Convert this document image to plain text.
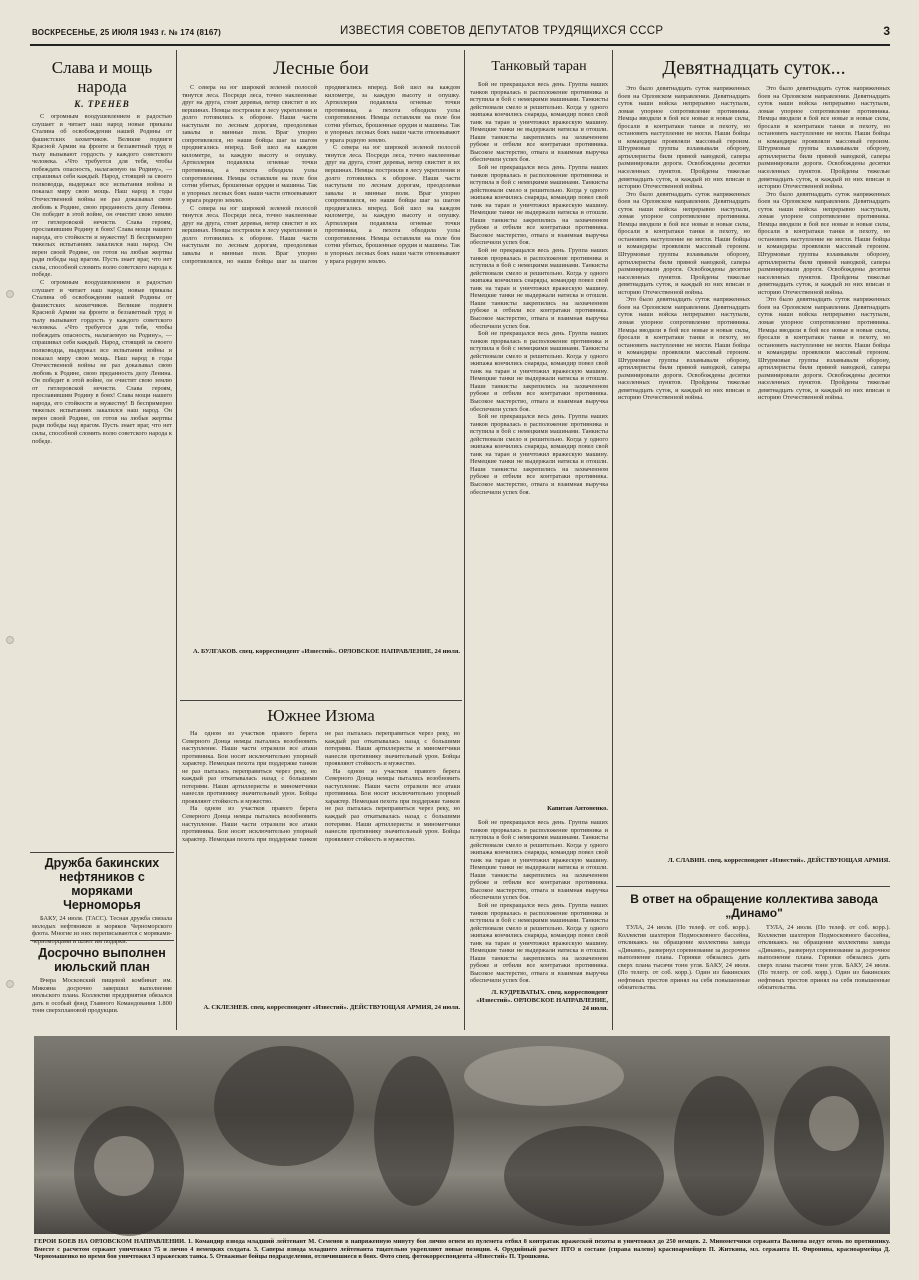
ВОСКРЕСЕНЬЕ, 25 ИЮЛЯ 1943 г. № 174 (8167)	ИЗВЕСТИЯ СОВЕТОВ ДЕПУТАТОВ ТРУДЯЩИХСЯ СССР	3
Слава и мощь народа
К. ТРЕНЕВ

С огромным воодушевлением и радостью слушает и читает наш народ новые приказы Сталина об освобождении нашей Родины от фашистских захватчиков. Великие подвиги Красной Армии на фронте и беззаветный труд в тылу вызывают гордость у каждого советского человека. «Что требуется для тебя, чтобы побеждать опасность, налагаемую на Родину», — спрашивал себя каждый. Народ, стоящий за своего полководца, выдержал все испытания войны и показал миру свою мощь. Наш народ в годы Отечественной войны не раз доказывал свою любовь к Родине, свою преданность делу Ленина. Он победит в этой войне, он очистит свою землю от гитлеровской нечисти. Слава героям, прославившим Родину в боях! Слава мощи нашего народа, его стойкости и мужеству! В беспримерно тяжелых испытаниях закалился наш народ. Он верен своей Родине, он готов на любые жертвы ради победы над врагом. Пусть знает враг, что нет силы, способной сломить волю советского народа к победе.

С огромным воодушевлением и радостью слушает и читает наш народ новые приказы Сталина об освобождении нашей Родины от фашистских захватчиков. Великие подвиги Красной Армии на фронте и беззаветный труд в тылу вызывают гордость у каждого советского человека. «Что требуется для тебя, чтобы побеждать опасность, налагаемую на Родину», — спрашивал себя каждый. Народ, стоящий за своего полководца, выдержал все испытания войны и показал миру свою мощь. Наш народ в годы Отечественной войны не раз доказывал свою любовь к Родине, свою преданность делу Ленина. Он победит в этой войне, он очистит свою землю от гитлеровской нечисти. Слава героям, прославившим Родину в боях! Слава мощи нашего народа, его стойкости и мужеству! В беспримерно тяжелых испытаниях закалился наш народ. Он верен своей Родине, он готов на любые жертвы ради победы над врагом. Пусть знает враг, что нет силы, способной сломить волю советского народа к победе.

Дружба бакинских нефтяников с моряками Черноморья

БАКУ, 24 июля. (ТАСС). Тесная дружба связала молодых нефтяников и моряков Черноморского флота. Многие из них переписываются с моряками-черноморцами и шлют им подарки.

Досрочно выполнен июльский план

Вчера Московский пищевой комбинат им. Микояна досрочно завершил выполнение июльского плана. Коллектив предприятия обязался дать в особый фонд Главного Командования 1.800 тонн сверхплановой продукции.

Лесные бои

С севера на юг широкой зеленой полосой тянутся леса. Посреди леса, точно наклеенные друг на друга, стоят деревья, ветер свистит в их вершинах. Немцы построили в лесу укрепления и долго готовились к обороне. Наши части наступали по лесным дорогам, преодолевая завалы и минные поля. Враг упорно сопротивлялся, но наши бойцы шаг за шагом продвигались вперед. Бой шел на каждом километре, за каждую высоту и опушку. Артиллерия подавляла огневые точки противника, а пехота обходила узлы сопротивления. Немцы оставляли на поле боя сотни убитых, брошенные орудия и машины. Так в упорных лесных боях наши части отвоевывают у врага родную землю.

С севера на юг широкой зеленой полосой тянутся леса. Посреди леса, точно наклеенные друг на друга, стоят деревья, ветер свистит в их вершинах. Немцы построили в лесу укрепления и долго готовились к обороне. Наши части наступали по лесным дорогам, преодолевая завалы и минные поля. Враг упорно сопротивлялся, но наши бойцы шаг за шагом продвигались вперед. Бой шел на каждом километре, за каждую высоту и опушку. Артиллерия подавляла огневые точки противника, а пехота обходила узлы сопротивления. Немцы оставляли на поле боя сотни убитых, брошенные орудия и машины. Так в упорных лесных боях наши части отвоевывают у врага родную землю.

С севера на юг широкой зеленой полосой тянутся леса. Посреди леса, точно наклеенные друг на друга, стоят деревья, ветер свистит в их вершинах. Немцы построили в лесу укрепления и долго готовились к обороне. Наши части наступали по лесным дорогам, преодолевая завалы и минные поля. Враг упорно сопротивлялся, но наши бойцы шаг за шагом продвигались вперед. Бой шел на каждом километре, за каждую высоту и опушку. Артиллерия подавляла огневые точки противника, а пехота обходила узлы сопротивления. Немцы оставляли на поле боя сотни убитых, брошенные орудия и машины. Так в упорных лесных боях наши части отвоевывают у врага родную землю.

А. БУЛГАКОВ. спец. корреспондент «Известий». ОРЛОВСКОЕ НАПРАВЛЕНИЕ, 24 июля.
Южнее Изюма

На одном из участков правого берега Северного Донца немцы пытались возобновить наступление. Наши части отразили все атаки противника. Бои носят исключительно упорный характер. Немецкая пехота при поддержке танков не раз пыталась переправиться через реку, но каждый раз откатывалась назад с большими потерями. Наши артиллеристы и минометчики нанесли противнику значительный урон. Бойцы проявляют стойкость и мужество.

На одном из участков правого берега Северного Донца немцы пытались возобновить наступление. Наши части отразили все атаки противника. Бои носят исключительно упорный характер. Немецкая пехота при поддержке танков не раз пыталась переправиться через реку, но каждый раз откатывалась назад с большими потерями. Наши артиллеристы и минометчики нанесли противнику значительный урон. Бойцы проявляют стойкость и мужество.

На одном из участков правого берега Северного Донца немцы пытались возобновить наступление. Наши части отразили все атаки противника. Бои носят исключительно упорный характер. Немецкая пехота при поддержке танков не раз пыталась переправиться через реку, но каждый раз откатывалась назад с большими потерями. Наши артиллеристы и минометчики нанесли противнику значительный урон. Бойцы проявляют стойкость и мужество.

А. СКЛЕЗНЕВ. спец. корреспондент «Известий». ДЕЙСТВУЮЩАЯ АРМИЯ, 24 июля.
Танковый таран

Бой не прекращался весь день. Группа наших танков прорвалась в расположение противника и вступила в бой с немецкими машинами. Танкисты действовали смело и решительно. Когда у одного экипажа кончились снаряды, командир повел свой танк на таран и уничтожил вражескую машину. Немецкие танки не выдержали натиска и отошли. Наши танкисты закрепились на захваченном рубеже и отбили все контратаки противника. Высокое мастерство, отвага и взаимная выручка обеспечили успех боя.

Бой не прекращался весь день. Группа наших танков прорвалась в расположение противника и вступила в бой с немецкими машинами. Танкисты действовали смело и решительно. Когда у одного экипажа кончились снаряды, командир повел свой танк на таран и уничтожил вражескую машину. Немецкие танки не выдержали натиска и отошли. Наши танкисты закрепились на захваченном рубеже и отбили все контратаки противника. Высокое мастерство, отвага и взаимная выручка обеспечили успех боя.

Бой не прекращался весь день. Группа наших танков прорвалась в расположение противника и вступила в бой с немецкими машинами. Танкисты действовали смело и решительно. Когда у одного экипажа кончились снаряды, командир повел свой танк на таран и уничтожил вражескую машину. Немецкие танки не выдержали натиска и отошли. Наши танкисты закрепились на захваченном рубеже и отбили все контратаки противника. Высокое мастерство, отвага и взаимная выручка обеспечили успех боя.

Бой не прекращался весь день. Группа наших танков прорвалась в расположение противника и вступила в бой с немецкими машинами. Танкисты действовали смело и решительно. Когда у одного экипажа кончились снаряды, командир повел свой танк на таран и уничтожил вражескую машину. Немецкие танки не выдержали натиска и отошли. Наши танкисты закрепились на захваченном рубеже и отбили все контратаки противника. Высокое мастерство, отвага и взаимная выручка обеспечили успех боя.

Бой не прекращался весь день. Группа наших танков прорвалась в расположение противника и вступила в бой с немецкими машинами. Танкисты действовали смело и решительно. Когда у одного экипажа кончились снаряды, командир повел свой танк на таран и уничтожил вражескую машину. Немецкие танки не выдержали натиска и отошли. Наши танкисты закрепились на захваченном рубеже и отбили все контратаки противника. Высокое мастерство, отвага и взаимная выручка обеспечили успех боя.

Капитан Антоненко.

Бой не прекращался весь день. Группа наших танков прорвалась в расположение противника и вступила в бой с немецкими машинами. Танкисты действовали смело и решительно. Когда у одного экипажа кончились снаряды, командир повел свой танк на таран и уничтожил вражескую машину. Немецкие танки не выдержали натиска и отошли. Наши танкисты закрепились на захваченном рубеже и отбили все контратаки противника. Высокое мастерство, отвага и взаимная выручка обеспечили успех боя.

Бой не прекращался весь день. Группа наших танков прорвалась в расположение противника и вступила в бой с немецкими машинами. Танкисты действовали смело и решительно. Когда у одного экипажа кончились снаряды, командир повел свой танк на таран и уничтожил вражескую машину. Немецкие танки не выдержали натиска и отошли. Наши танкисты закрепились на захваченном рубеже и отбили все контратаки противника. Высокое мастерство, отвага и взаимная выручка обеспечили успех боя.

Л. КУДРЕВАТЫХ. спец. корреспондент «Известий». ОРЛОВСКОЕ НАПРАВЛЕНИЕ, 24 июля.
Девятнадцать суток...

Это было девятнадцать суток напряженных боев на Орловском направлении. Девятнадцать суток наши войска непрерывно наступали, ломая упорное сопротивление противника. Немцы вводили в бой все новые и новые силы, бросали в контратаки танки и пехоту, но остановить наступление не могли. Наши бойцы и командиры проявляли массовый героизм. Штурмовые группы взламывали оборону, артиллеристы били прямой наводкой, саперы разминировали дороги. Освобождены десятки населенных пунктов. Пройдены тяжелые девятнадцать суток, и каждый из них вписан в историю Отечественной войны.

Это было девятнадцать суток напряженных боев на Орловском направлении. Девятнадцать суток наши войска непрерывно наступали, ломая упорное сопротивление противника. Немцы вводили в бой все новые и новые силы, бросали в контратаки танки и пехоту, но остановить наступление не могли. Наши бойцы и командиры проявляли массовый героизм. Штурмовые группы взламывали оборону, артиллеристы били прямой наводкой, саперы разминировали дороги. Освобождены десятки населенных пунктов. Пройдены тяжелые девятнадцать суток, и каждый из них вписан в историю Отечественной войны.

Это было девятнадцать суток напряженных боев на Орловском направлении. Девятнадцать суток наши войска непрерывно наступали, ломая упорное сопротивление противника. Немцы вводили в бой все новые и новые силы, бросали в контратаки танки и пехоту, но остановить наступление не могли. Наши бойцы и командиры проявляли массовый героизм. Штурмовые группы взламывали оборону, артиллеристы били прямой наводкой, саперы разминировали дороги. Освобождены десятки населенных пунктов. Пройдены тяжелые девятнадцать суток, и каждый из них вписан в историю Отечественной войны.

Это было девятнадцать суток напряженных боев на Орловском направлении. Девятнадцать суток наши войска непрерывно наступали, ломая упорное сопротивление противника. Немцы вводили в бой все новые и новые силы, бросали в контратаки танки и пехоту, но остановить наступление не могли. Наши бойцы и командиры проявляли массовый героизм. Штурмовые группы взламывали оборону, артиллеристы били прямой наводкой, саперы разминировали дороги. Освобождены десятки населенных пунктов. Пройдены тяжелые девятнадцать суток, и каждый из них вписан в историю Отечественной войны.

Это было девятнадцать суток напряженных боев на Орловском направлении. Девятнадцать суток наши войска непрерывно наступали, ломая упорное сопротивление противника. Немцы вводили в бой все новые и новые силы, бросали в контратаки танки и пехоту, но остановить наступление не могли. Наши бойцы и командиры проявляли массовый героизм. Штурмовые группы взламывали оборону, артиллеристы били прямой наводкой, саперы разминировали дороги. Освобождены десятки населенных пунктов. Пройдены тяжелые девятнадцать суток, и каждый из них вписан в историю Отечественной войны.

Это было девятнадцать суток напряженных боев на Орловском направлении. Девятнадцать суток наши войска непрерывно наступали, ломая упорное сопротивление противника. Немцы вводили в бой все новые и новые силы, бросали в контратаки танки и пехоту, но остановить наступление не могли. Наши бойцы и командиры проявляли массовый героизм. Штурмовые группы взламывали оборону, артиллеристы били прямой наводкой, саперы разминировали дороги. Освобождены десятки населенных пунктов. Пройдены тяжелые девятнадцать суток, и каждый из них вписан в историю Отечественной войны.

Л. СЛАВИН. спец. корреспондент «Известий». ДЕЙСТВУЮЩАЯ АРМИЯ.
В ответ на обращение коллектива завода „Динамо"

ТУЛА, 24 июля. (По телеф. от соб. корр.). Коллектив шахтеров Подмосковного бассейна, откликаясь на обращение коллектива завода «Динамо», развернул соревнование за досрочное выполнение плана. Горняки обязались дать сверх плана тысячи тонн угля. БАКУ, 24 июля. (По телегр. от соб. корр.). Один из бакинских нефтяных трестов принял на себя повышенные обязательства.

ТУЛА, 24 июля. (По телеф. от соб. корр.). Коллектив шахтеров Подмосковного бассейна, откликаясь на обращение коллектива завода «Динамо», развернул соревнование за досрочное выполнение плана. Горняки обязались дать сверх плана тысячи тонн угля. БАКУ, 24 июля. (По телегр. от соб. корр.). Один из бакинских нефтяных трестов принял на себя повышенные обязательства.

ГЕРОИ БОЕВ НА ОРЛОВСКОМ НАПРАВЛЕНИИ. 1. Командир взвода младший лейтенант М. Семенов в напряженную минуту боя лично огнем из пулемета отбил 8 контратак вражеской пехоты и уничтожил до 250 немцев. 2. Минометчики сержанта Валиева ведут огонь по противнику. Вместе с расчетом сержант уничтожил 75 и лично 4 немецких солдата. 3. Саперы взвода младшего лейтенанта тщательно укрепляют новые позиции. 4. Орудийный расчет ПТО в составе (справа налево) красноармейцев П. Житкина, мл. сержанта Н. Фиронина, красноармейца Д. Черномашенко во время боя уничтожил 3 вражеских танка. 5. Отважные бойцы подразделения, отличившиеся в боях. Фото спец. фотокорреспондента «Известий» П. Трошкина.
